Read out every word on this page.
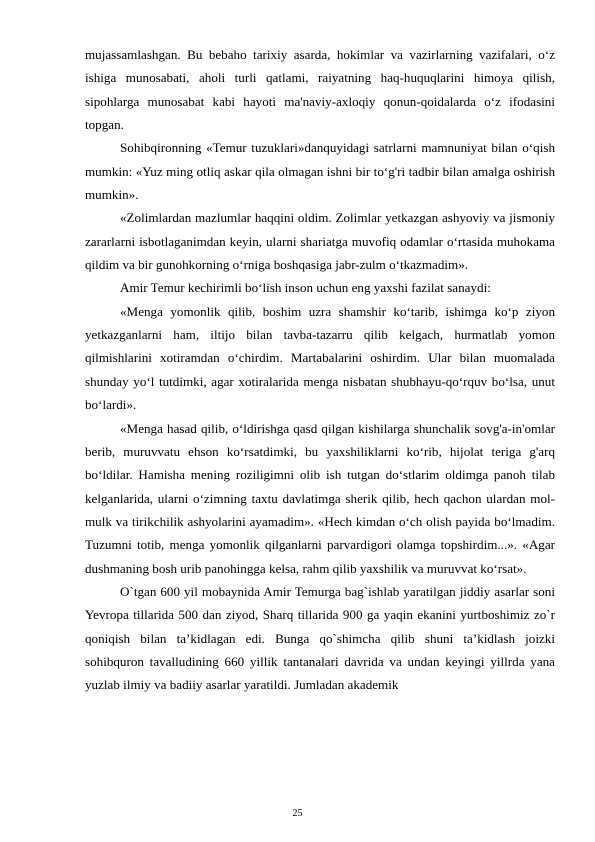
mujassamlashgan. Bu bebaho tarixiy asarda, hokimlar va vazirlarning vazifalari, o‘z ishiga munosabati, aholi turli qatlami, raiyatning haq-huquqlarini himoya qilish, sipohlarga munosabat kabi hayoti ma'naviy-axloqiy qonun-qoidalarda o‘z ifodasini topgan.

Sohibqironning «Temur tuzuklari»danquyidagi satrlarni mamnuniyat bilan o‘qish mumkin: «Yuz ming otliq askar qila olmagan ishni bir to‘g'ri tadbir bilan amalga oshirish mumkin».

«Zolimlardan mazlumlar haqqini oldim. Zolimlar yetkazgan ashyoviy va jismoniy zararlarni isbotlaganimdan keyin, ularni shariatga muvofiq odamlar o‘rtasida muhokama qildim va bir gunohkorning o‘rniga boshqasiga jabr-zulm o‘tkazmadim».

Amir Temur kechirimli bo‘lish inson uchun eng yaxshi fazilat sanaydi:

«Menga yomonlik qilib, boshim uzra shamshir ko‘tarib, ishimga ko‘p ziyon yetkazganlarni ham, iltijo bilan tavba-tazarru qilib kelgach, hurmatlab yomon qilmishlarini xotiramdan o‘chirdim. Martabalarini oshirdim. Ular bilan muomalada shunday yo‘l tutdimki, agar xotiralarida menga nisbatan shubhayu-qo‘rquv bo‘lsa, unut bo‘lardi».

«Menga hasad qilib, o‘ldirishga qasd qilgan kishilarga shunchalik sovg'a-in'omlar berib, muruvvatu ehson ko‘rsatdimki, bu yaxshiliklarni ko‘rib, hijolat teriga g'arq bo‘ldilar. Hamisha mening roziligimni olib ish tutgan do‘stlarim oldimga panoh tilab kelganlarida, ularni o‘zimning taxtu davlatimga sherik qilib, hech qachon ulardan mol-mulk va tirikchilik ashyolarini ayamadim». «Hech kimdan o‘ch olish payida bo‘lmadim. Tuzumni totib, menga yomonlik qilganlarni parvardigori olamga topshirdim...». «Agar dushmaning bosh urib panohingga kelsa, rahm qilib yaxshilik va muruvvat ko‘rsat».

O`tgan 600 yil mobaynida Amir Temurga bag`ishlab yaratilgan jiddiy asarlar soni Yevropa tillarida 500 dan ziyod, Sharq tillarida 900 ga yaqin ekanini yurtboshimiz zo`r qoniqish bilan ta’kidlagan edi. Bunga qo`shimcha qilib shuni ta’kidlash joizki sohibquron tavalludining 660 yillik tantanalari davrida va undan keyingi yillrda yana yuzlab ilmiy va badiiy asarlar yaratildi. Jumladan akademik

25
